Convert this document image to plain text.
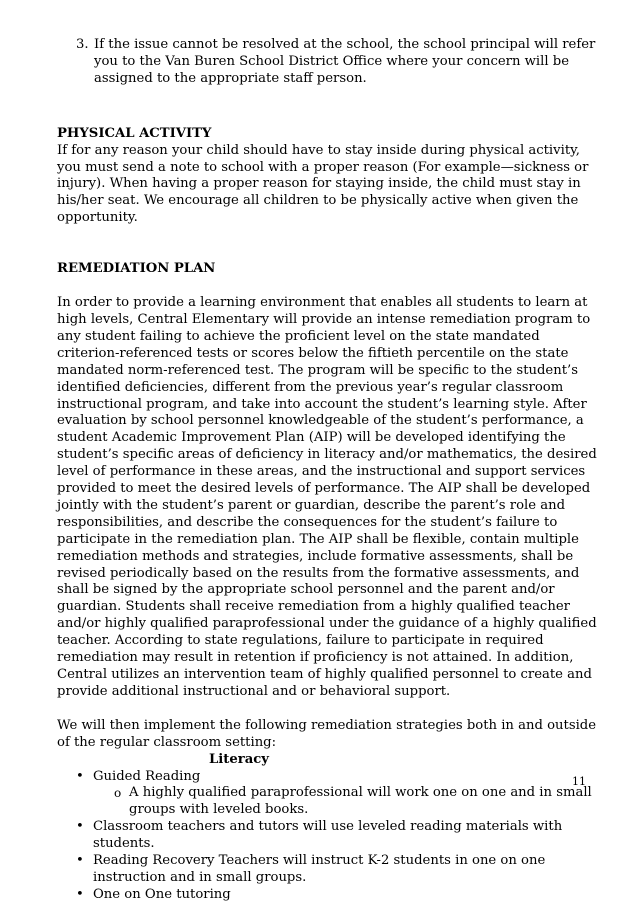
3. If the issue cannot be resolved at the school, the school principal will refer you to the Van Buren School District Office where your concern will be assigned to the appropriate staff person.

PHYSICAL ACTIVITY

If for any reason your child should have to stay inside during physical activity, you must send a note to school with a proper reason (For example—sickness or injury). When having a proper reason for staying inside, the child must stay in his/her seat. We encourage all children to be physically active when given the opportunity.

REMEDIATION PLAN

In order to provide a learning environment that enables all students to learn at high levels, Central Elementary will provide an intense remediation program to any student failing to achieve the proficient level on the state mandated criterion-referenced tests or scores below the fiftieth percentile on the state mandated norm-referenced test. The program will be specific to the student’s identified deficiencies, different from the previous year’s regular classroom instructional program, and take into account the student’s learning style. After evaluation by school personnel knowledgeable of the student’s performance, a student Academic Improvement Plan (AIP) will be developed identifying the student’s specific areas of deficiency in literacy and/or mathematics, the desired level of performance in these areas, and the instructional and support services provided to meet the desired levels of performance. The AIP shall be developed jointly with the student’s parent or guardian, describe the parent’s role and responsibilities, and describe the consequences for the student’s failure to participate in the remediation plan. The AIP shall be flexible, contain multiple remediation methods and strategies, include formative assessments, shall be revised periodically based on the results from the formative assessments, and shall be signed by the appropriate school personnel and the parent and/or guardian. Students shall receive remediation from a highly qualified teacher and/or highly qualified paraprofessional under the guidance of a highly qualified teacher. According to state regulations, failure to participate in required remediation may result in retention if proficiency is not attained. In addition, Central utilizes an intervention team of highly qualified personnel to create and provide additional instructional and or behavioral support.

We will then implement the following remediation strategies both in and outside of the regular classroom setting:

Literacy

• Guided Reading
o A highly qualified paraprofessional will work one on one and in small groups with leveled books.
• Classroom teachers and tutors will use leveled reading materials with students.
• Reading Recovery Teachers will instruct K-2 students in one on one instruction and in small groups.
• One on One tutoring
11
